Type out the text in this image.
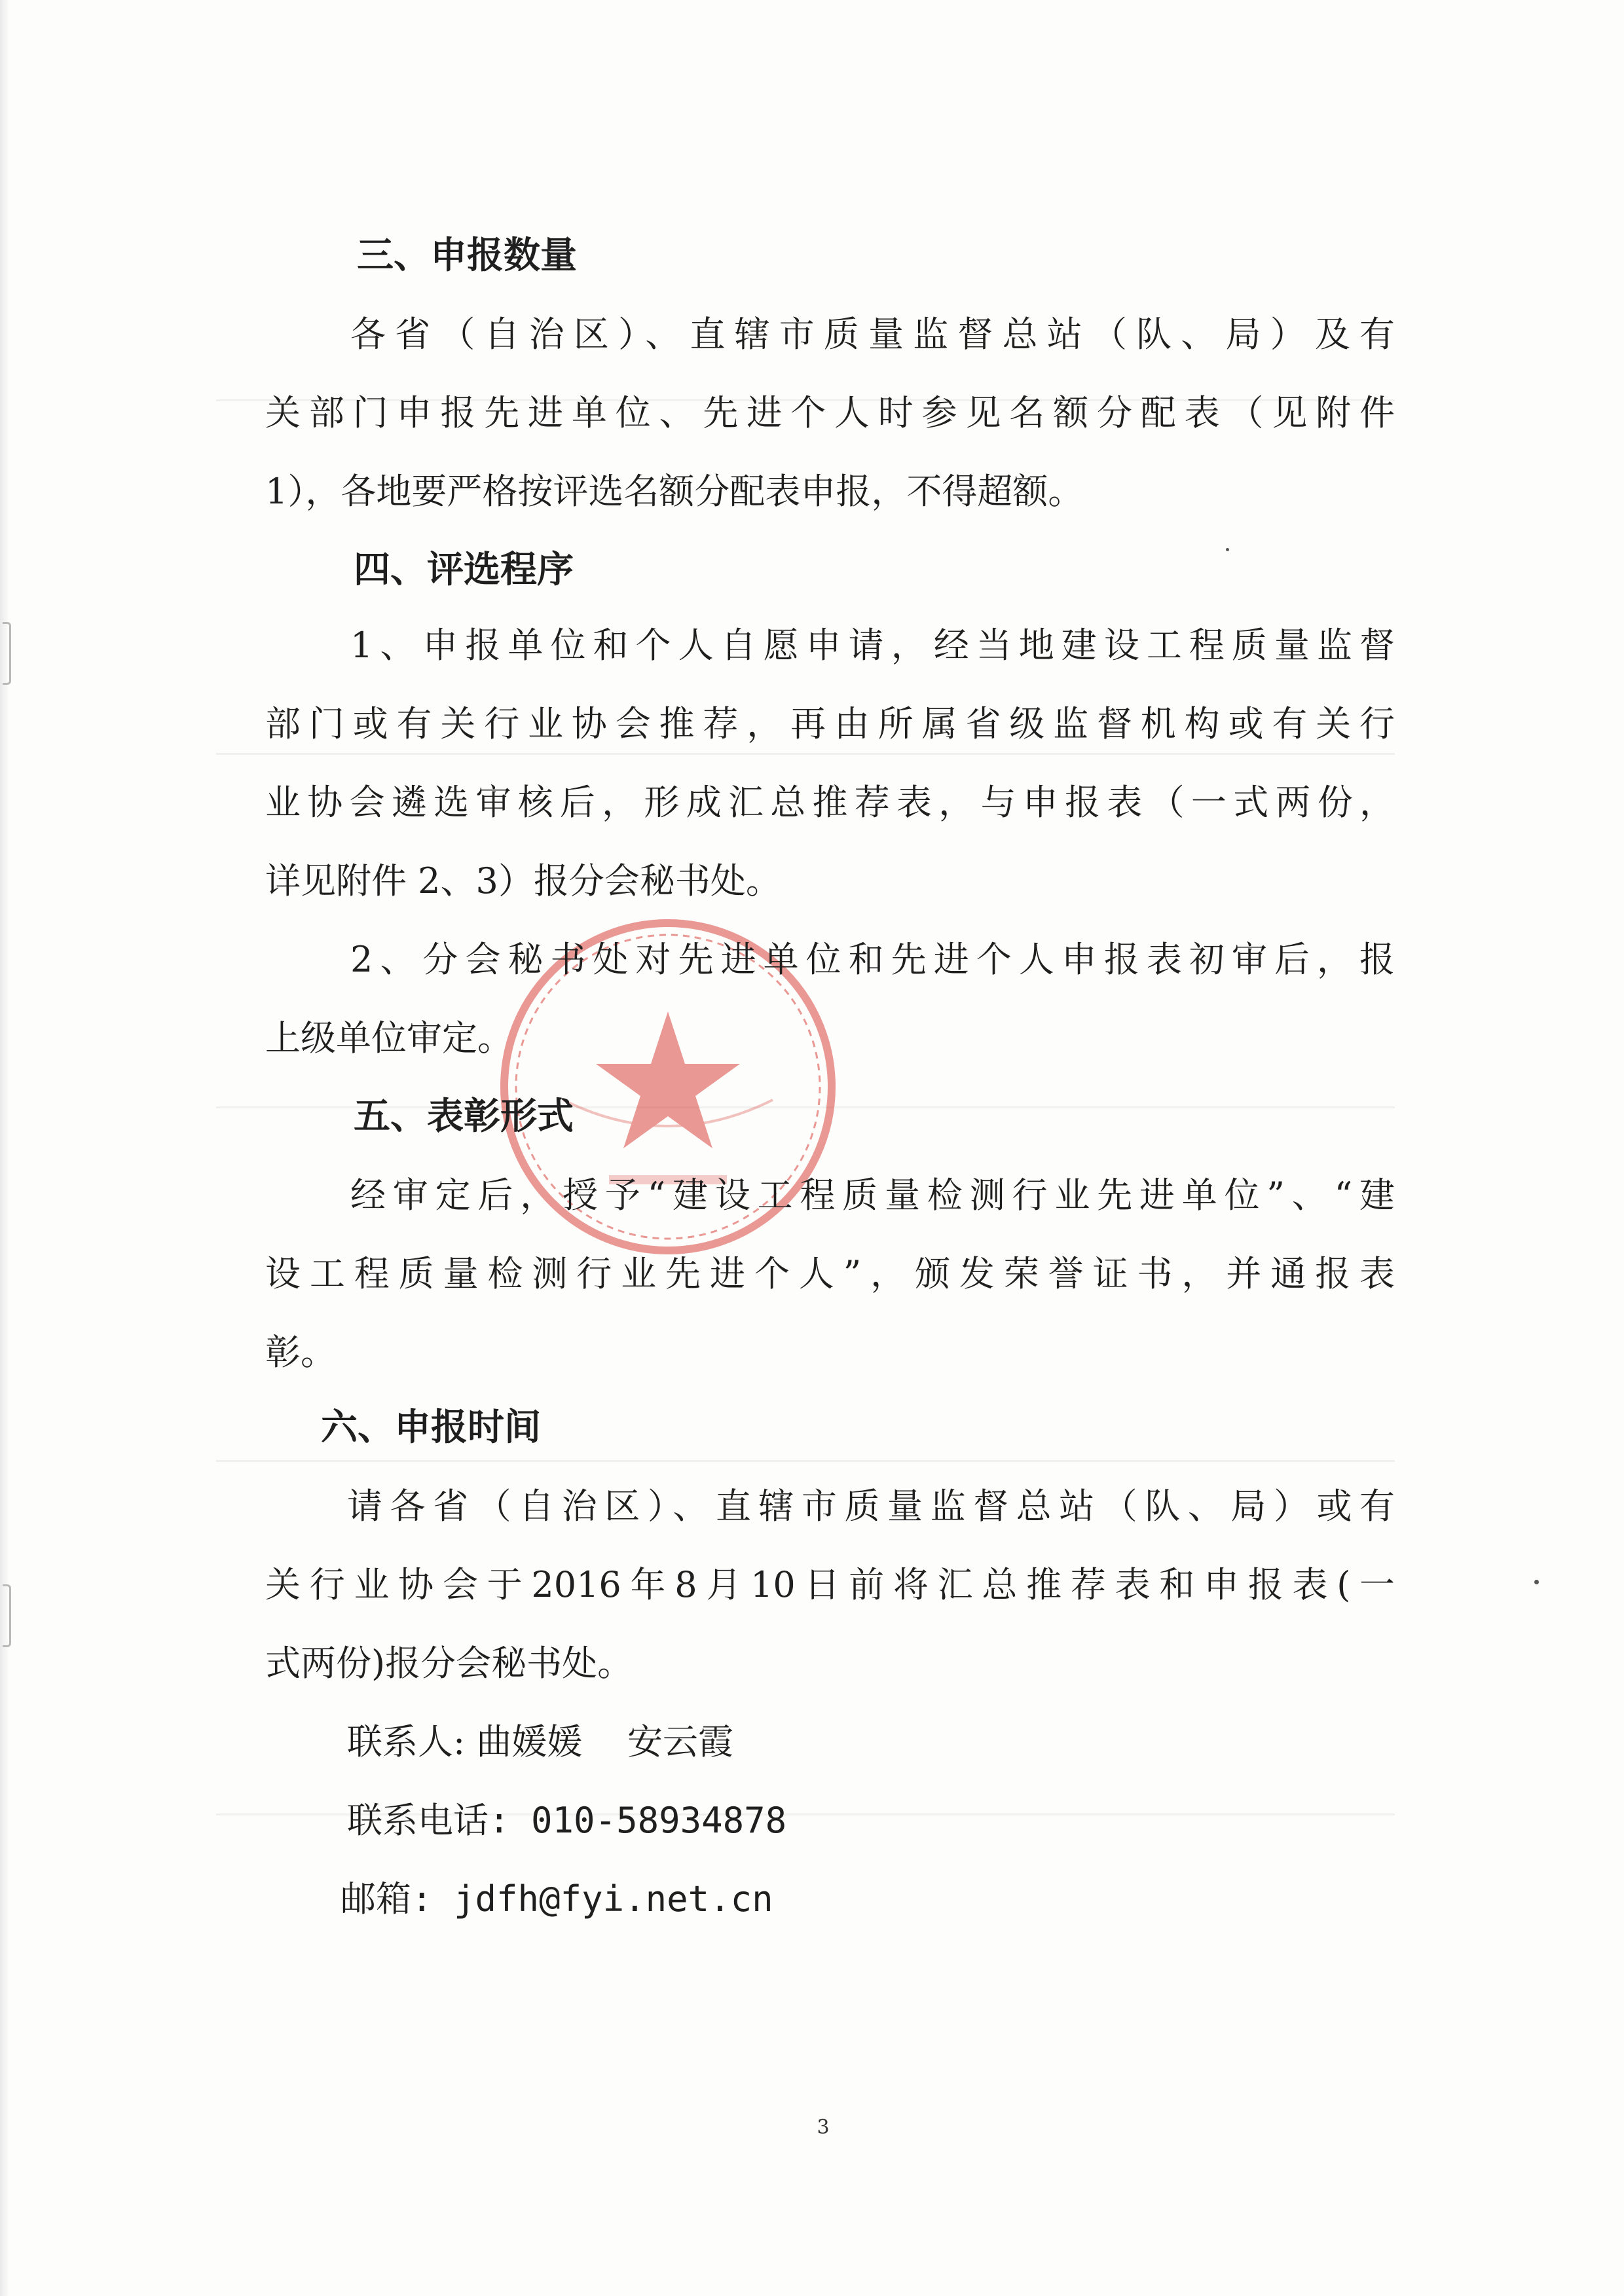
三、申报数量
各省（自治区）、直辖市质量监督总站（队、局）及有
关部门申报先进单位、先进个人时参见名额分配表（见附件
1），各地要严格按评选名额分配表申报，不得超额。
四、评选程序
1、申报单位和个人自愿申请，经当地建设工程质量监督
部门或有关行业协会推荐，再由所属省级监督机构或有关行
业协会遴选审核后，形成汇总推荐表，与申报表（一式两份，
详见附件 2、3）报分会秘书处。
2、分会秘书处对先进单位和先进个人申报表初审后，报
上级单位审定。
五、表彰形式
经审定后，授予“建设工程质量检测行业先进单位”、“建
设工程质量检测行业先进个人”，颁发荣誉证书，并通报表
彰。
六、申报时间
请各省（自治区）、直辖市质量监督总站（队、局）或有
关行业协会于2016年8月10日前将汇总推荐表和申报表(一
式两份)报分会秘书处。
联系人: 曲媛媛    安云霞
联系电话: 010-58934878
邮箱: jdfh@fyi.net.cn
3
